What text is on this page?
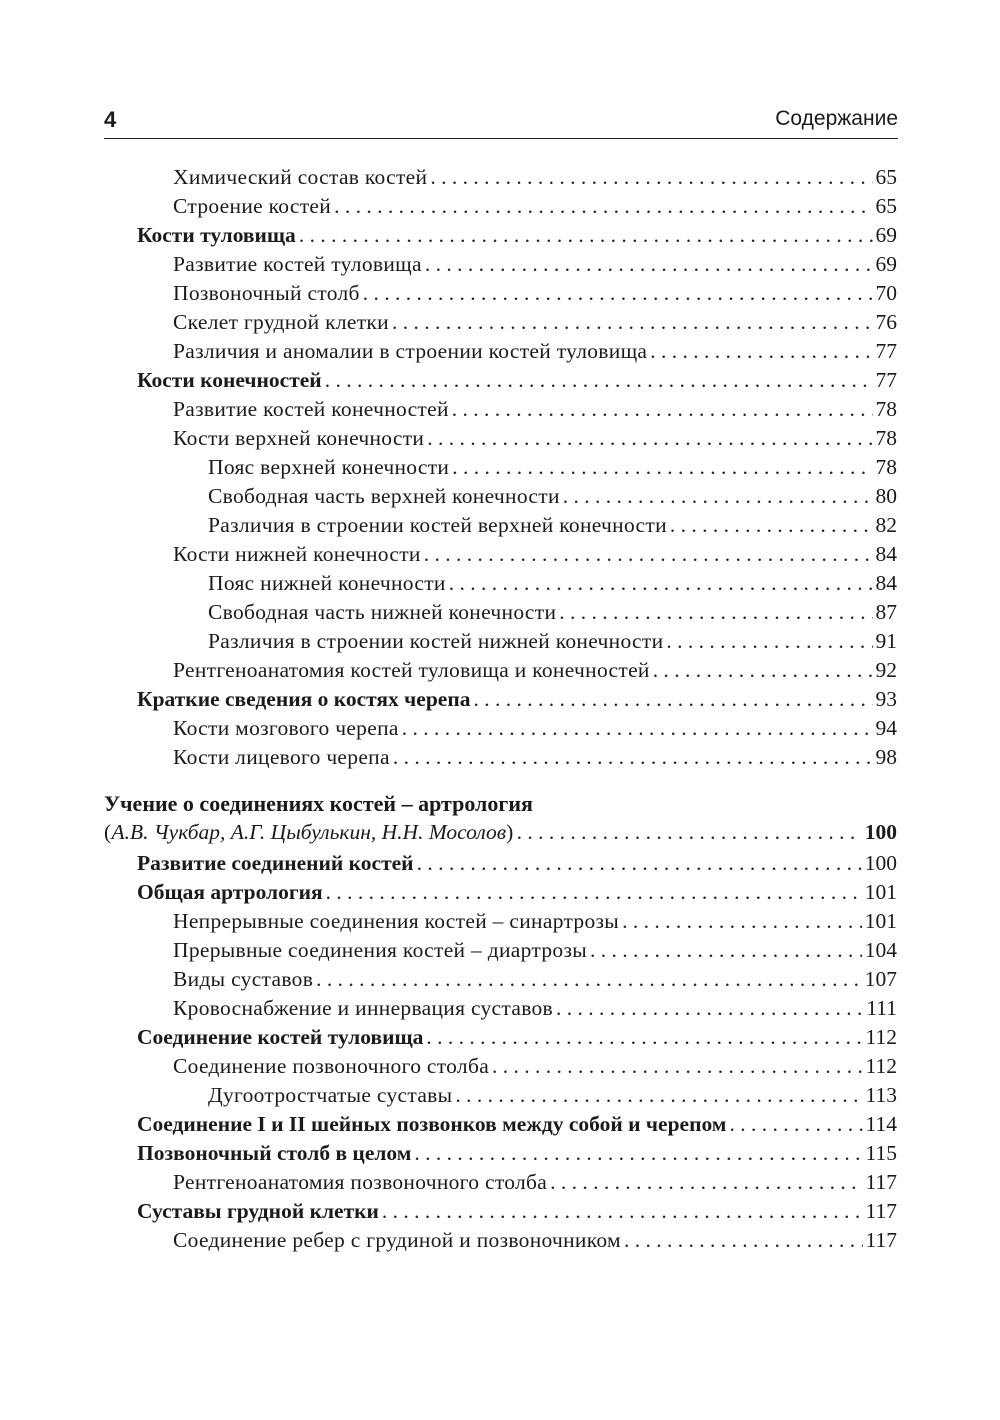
4	Содержание
Химический состав костей . . .	65
Строение костей . . .	65
Кости туловища . . .	69
Развитие костей туловища . . .	69
Позвоночный столб . . .	70
Скелет грудной клетки . . .	76
Различия и аномалии в строении костей туловища . . .	77
Кости конечностей . . .	77
Развитие костей конечностей . . .	78
Кости верхней конечности . . .	78
Пояс верхней конечности . . .	78
Свободная часть верхней конечности . . .	80
Различия в строении костей верхней конечности . . .	82
Кости нижней конечности . . .	84
Пояс нижней конечности . . .	84
Свободная часть нижней конечности . . .	87
Различия в строении костей нижней конечности . . .	91
Рентгеноанатомия костей туловища и конечностей . . .	92
Краткие сведения о костях черепа . . .	93
Кости мозгового черепа . . .	94
Кости лицевого черепа . . .	98
Учение о соединениях костей – артрология
( А.В. Чукбар, А.Г. Цыбулькин, Н.Н. Мосолов ) . . .	100
Развитие соединений костей . . .	100
Общая артрология . . .	101
Непрерывные соединения костей – синартрозы . . .	101
Прерывные соединения костей – диартрозы . . .	104
Виды суставов . . .	107
Кровоснабжение и иннервация суставов . . .	111
Соединение костей туловища . . .	112
Соединение позвоночного столба . . .	112
Дугоотростчатые суставы . . .	113
Соединение I и II шейных позвонков между собой и черепом . . .	114
Позвоночный столб в целом . . .	115
Рентгеноанатомия позвоночного столба . . .	117
Суставы грудной клетки . . .	117
Соединение ребер с грудиной и позвоночником . . .	117
